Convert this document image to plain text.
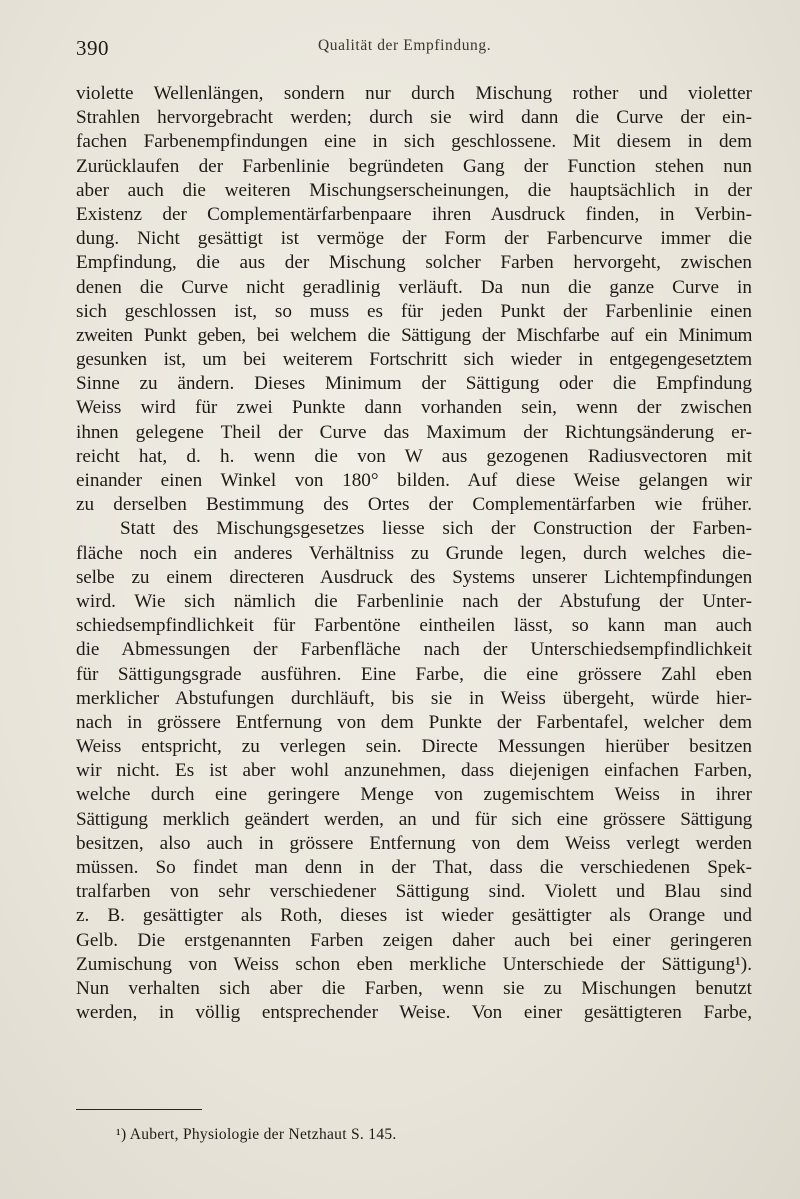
390	Qualität der Empfindung.
violette Wellenlängen, sondern nur durch Mischung rother und violetter
Strahlen hervorgebracht werden; durch sie wird dann die Curve der ein-
fachen Farbenempfindungen eine in sich geschlossene. Mit diesem in dem
Zurücklaufen der Farbenlinie begründeten Gang der Function stehen nun
aber auch die weiteren Mischungserscheinungen, die hauptsächlich in der
Existenz der Complementärfarbenpaare ihren Ausdruck finden, in Verbin-
dung. Nicht gesättigt ist vermöge der Form der Farbencurve immer die
Empfindung, die aus der Mischung solcher Farben hervorgeht, zwischen
denen die Curve nicht geradlinig verläuft. Da nun die ganze Curve in
sich geschlossen ist, so muss es für jeden Punkt der Farbenlinie einen
zweiten Punkt geben, bei welchem die Sättigung der Mischfarbe auf ein Minimum
gesunken ist, um bei weiterem Fortschritt sich wieder in entgegengesetztem
Sinne zu ändern. Dieses Minimum der Sättigung oder die Empfindung
Weiss wird für zwei Punkte dann vorhanden sein, wenn der zwischen
ihnen gelegene Theil der Curve das Maximum der Richtungsänderung er-
reicht hat, d. h. wenn die von W aus gezogenen Radiusvectoren mit
einander einen Winkel von 180° bilden. Auf diese Weise gelangen wir
zu derselben Bestimmung des Ortes der Complementärfarben wie früher.
Statt des Mischungsgesetzes liesse sich der Construction der Farben-
fläche noch ein anderes Verhältniss zu Grunde legen, durch welches die-
selbe zu einem directeren Ausdruck des Systems unserer Lichtempfindungen
wird. Wie sich nämlich die Farbenlinie nach der Abstufung der Unter-
schiedsempfindlichkeit für Farbentöne eintheilen lässt, so kann man auch
die Abmessungen der Farbenfläche nach der Unterschiedsempfindlichkeit
für Sättigungsgrade ausführen. Eine Farbe, die eine grössere Zahl eben
merklicher Abstufungen durchläuft, bis sie in Weiss übergeht, würde hier-
nach in grössere Entfernung von dem Punkte der Farbentafel, welcher dem
Weiss entspricht, zu verlegen sein. Directe Messungen hierüber besitzen
wir nicht. Es ist aber wohl anzunehmen, dass diejenigen einfachen Farben,
welche durch eine geringere Menge von zugemischtem Weiss in ihrer
Sättigung merklich geändert werden, an und für sich eine grössere Sättigung
besitzen, also auch in grössere Entfernung von dem Weiss verlegt werden
müssen. So findet man denn in der That, dass die verschiedenen Spek-
tralfarben von sehr verschiedener Sättigung sind. Violett und Blau sind
z. B. gesättigter als Roth, dieses ist wieder gesättigter als Orange und
Gelb. Die erstgenannten Farben zeigen daher auch bei einer geringeren
Zumischung von Weiss schon eben merkliche Unterschiede der Sättigung¹).
Nun verhalten sich aber die Farben, wenn sie zu Mischungen benutzt
werden, in völlig entsprechender Weise. Von einer gesättigteren Farbe,
¹) Aubert, Physiologie der Netzhaut S. 145.
